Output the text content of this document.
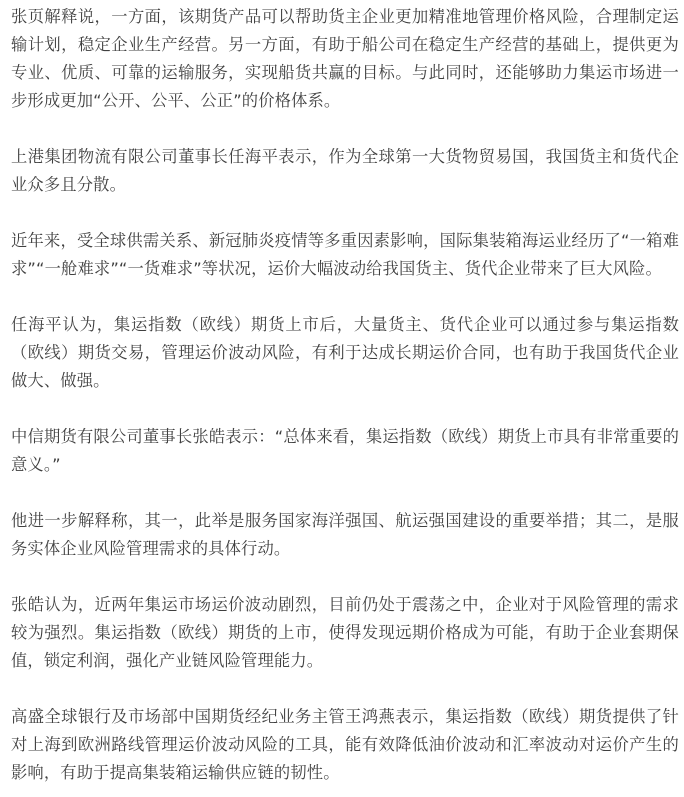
张页解释说，一方面，该期货产品可以帮助货主企业更加精准地管理价格风险，合理制定运输计划，稳定企业生产经营。另一方面，有助于船公司在稳定生产经营的基础上，提供更为专业、优质、可靠的运输服务，实现船货共赢的目标。与此同时，还能够助力集运市场进一步形成更加“公开、公平、公正”的价格体系。

上港集团物流有限公司董事长任海平表示，作为全球第一大货物贸易国，我国货主和货代企业众多且分散。

近年来，受全球供需关系、新冠肺炎疫情等多重因素影响，国际集装箱海运业经历了“一箱难求”“一舱难求”“一货难求”等状况，运价大幅波动给我国货主、货代企业带来了巨大风险。

任海平认为，集运指数（欧线）期货上市后，大量货主、货代企业可以通过参与集运指数（欧线）期货交易，管理运价波动风险，有利于达成长期运价合同，也有助于我国货代企业做大、做强。

中信期货有限公司董事长张皓表示：“总体来看，集运指数（欧线）期货上市具有非常重要的意义。”

他进一步解释称，其一，此举是服务国家海洋强国、航运强国建设的重要举措；其二，是服务实体企业风险管理需求的具体行动。

张皓认为，近两年集运市场运价波动剧烈，目前仍处于震荡之中，企业对于风险管理的需求较为强烈。集运指数（欧线）期货的上市，使得发现远期价格成为可能，有助于企业套期保值，锁定利润，强化产业链风险管理能力。

高盛全球银行及市场部中国期货经纪业务主管王鸿燕表示，集运指数（欧线）期货提供了针对上海到欧洲路线管理运价波动风险的工具，能有效降低油价波动和汇率波动对运价产生的影响，有助于提高集装箱运输供应链的韧性。
